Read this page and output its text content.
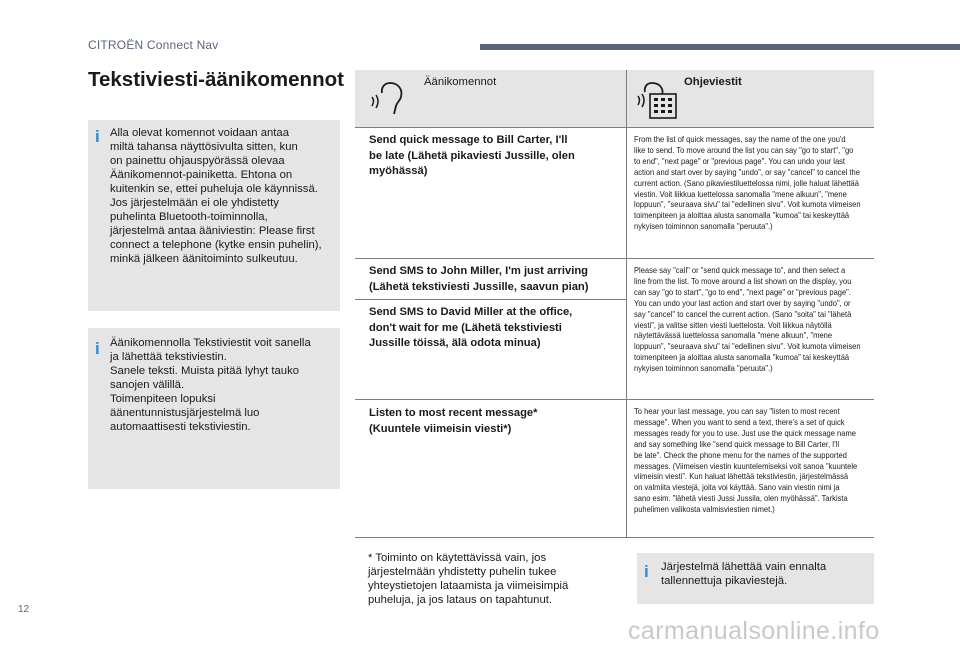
CITROËN Connect Nav
Tekstiviesti-äänikomennot
i Alla olevat komennot voidaan antaa
miltä tahansa näyttösivulta sitten, kun
on painettu ohjauspyörässä olevaa
Äänikomennot-painiketta. Ehtona on
kuitenkin se, ettei puheluja ole käynnissä.
Jos järjestelmään ei ole yhdistetty
puhelinta Bluetooth-toiminnolla,
järjestelmä antaa ääniviestin: Please first
connect a telephone (kytke ensin puhelin),
minkä jälkeen äänitoiminto sulkeutuu.
i Äänikomennolla Tekstiviestit voit sanella
ja lähettää tekstiviestin.
Sanele teksti. Muista pitää lyhyt tauko
sanojen välillä.
Toimenpiteen lopuksi
äänentunnistusjärjestelmä luo
automaattisesti tekstiviestin.
Äänikomennot	Ohjeviestit
Send quick message to Bill Carter, I'll
be late (Lähetä pikaviesti Jussille, olen
myöhässä)
From the list of quick messages, say the name of the one you'd
like to send. To move around the list you can say "go to start", "go
to end", "next page" or "previous page". You can undo your last
action and start over by saying "undo", or say "cancel" to cancel the
current action. (Sano pikaviestiluettelossa nimi, jolle haluat lähettää
viestin. Voit liikkua luettelossa sanomalla "mene alkuun", "mene
loppuun", "seuraava sivu" tai "edellinen sivu". Voit kumota viimeisen
toimenpiteen ja aloittaa alusta sanomalla "kumoa" tai keskeyttää
nykyisen toiminnon sanomalla "peruuta".)
Send SMS to John Miller, I'm just arriving
(Lähetä tekstiviesti Jussille, saavun pian)
Please say "call" or "send quick message to", and then select a
line from the list. To move around a list shown on the display, you
can say "go to start", "go to end", "next page" or "previous page".
You can undo your last action and start over by saying "undo", or
say "cancel" to cancel the current action. (Sano "soita" tai "lähetä
viesti", ja valitse sitten viesti luettelosta. Voit liikkua näytöllä
näytettävässä luettelossa sanomalla "mene alkuun", "mene
loppuun", "seuraava sivu" tai "edellinen sivu". Voit kumota viimeisen
toimenpiteen ja aloittaa alusta sanomalla "kumoa" tai keskeyttää
nykyisen toiminnon sanomalla "peruuta".)
Send SMS to David Miller at the office,
don't wait for me (Lähetä tekstiviesti
Jussille töissä, älä odota minua)
Listen to most recent message*
(Kuuntele viimeisin viesti*)
To hear your last message, you can say "listen to most recent
message". When you want to send a text, there's a set of quick
messages ready for you to use. Just use the quick message name
and say something like "send quick message to Bill Carter, I'll
be late". Check the phone menu for the names of the supported
messages. (Viimeisen viestin kuuntelemiseksi voit sanoa "kuuntele
viimeisin viesti". Kun haluat lähettää tekstiviestin, järjestelmässä
on valmiita viestejä, joita voi käyttää. Sano vain viestin nimi ja
sano esim. "lähetä viesti Jussi Jussila, olen myöhässä". Tarkista
puhelimen valikosta valmisviestien nimet.)
* Toiminto on käytettävissä vain, jos
järjestelmään yhdistetty puhelin tukee
yhteystietojen lataamista ja viimeisimpiä
puheluja, ja jos lataus on tapahtunut.
i Järjestelmä lähettää vain ennalta
tallennettuja pikaviestejä.
12
carmanualsonline.info
